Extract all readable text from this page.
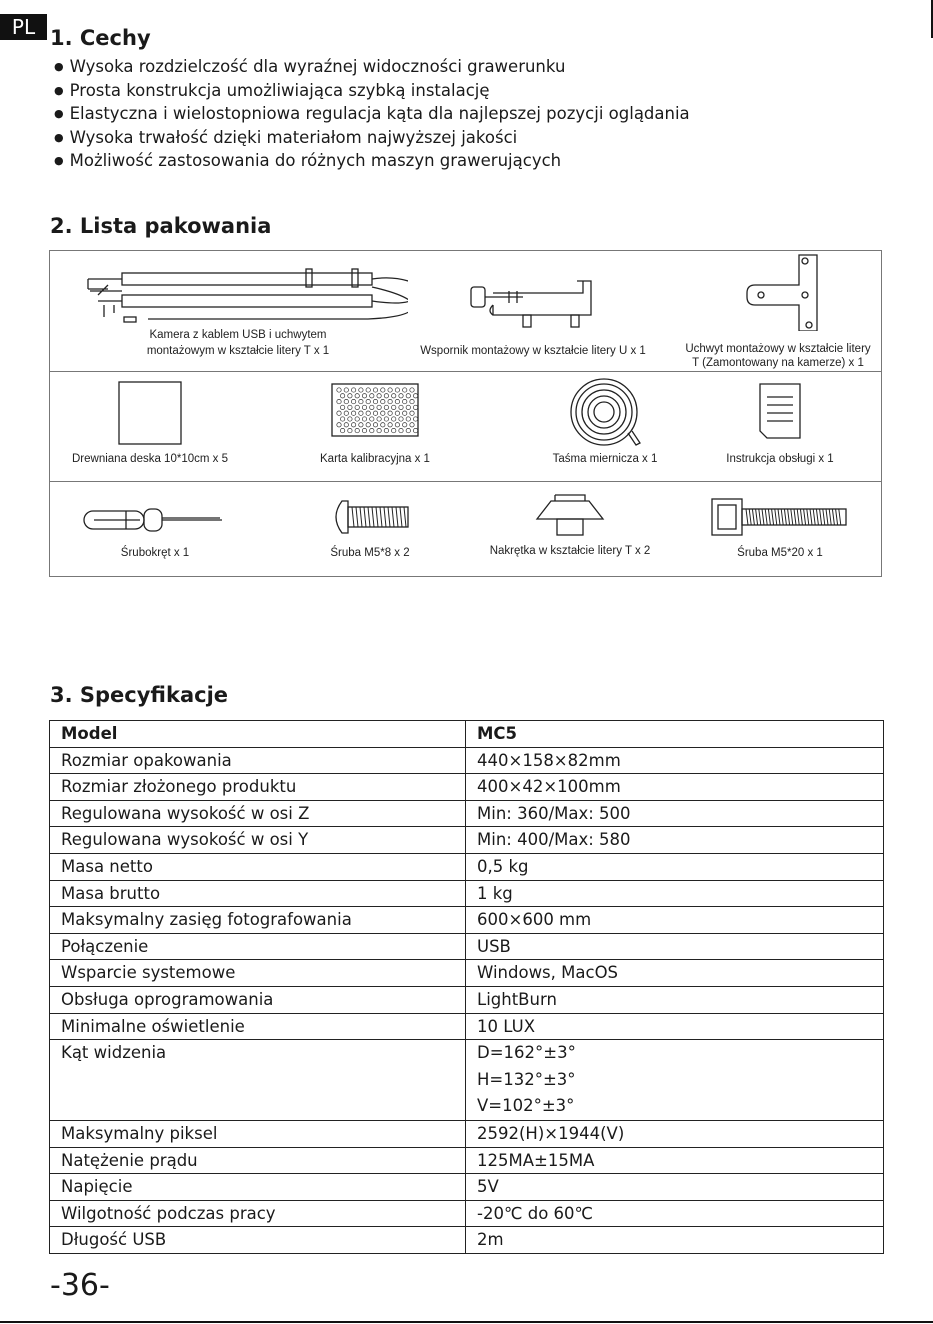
PL 1. Cechy
● Wysoka rozdzielczość dla wyraźnej widoczności grawerunku
● Prosta konstrukcja umożliwiająca szybką instalację
● Elastyczna i wielostopniowa regulacja kąta dla najlepszej pozycji oglądania
● Wysoka trwałość dzięki materiałom najwyższej jakości
● Możliwość zastosowania do różnych maszyn grawerujących
2. Lista pakowania
Kamera z kablem USB i uchwytem
montażowym w kształcie litery T x 1	Wspornik montażowy w kształcie litery U x 1	Uchwyt montażowy w kształcie litery
T (Zamontowany na kamerze) x 1
Drewniana deska 10*10cm x 5	Karta kalibracyjna x 1	Taśma miernicza x 1	Instrukcja obsługi x 1
Śrubokręt x 1	Śruba M5*8 x 2	Nakrętka w kształcie litery T x 2	Śruba M5*20 x 1
3. Specyfikacje
Model	MC5
Rozmiar opakowania	440×158×82mm
Rozmiar złożonego produktu	400×42×100mm
Regulowana wysokość w osi Z	Min: 360/Max: 500
Regulowana wysokość w osi Y	Min: 400/Max: 580
Masa netto	0,5 kg
Masa brutto	1 kg
Maksymalny zasięg fotografowania	600×600 mm
Połączenie	USB
Wsparcie systemowe	Windows, MacOS
Obsługa oprogramowania	LightBurn
Minimalne oświetlenie	10 LUX
Kąt widzenia	D=162°±3°
H=132°±3°
V=102°±3°

Maksymalny piksel	2592(H)×1944(V)
Natężenie prądu	125MA±15MA
Napięcie	5V
Wilgotność podczas pracy	-20℃ do 60℃
Długość USB	2m
-36-
